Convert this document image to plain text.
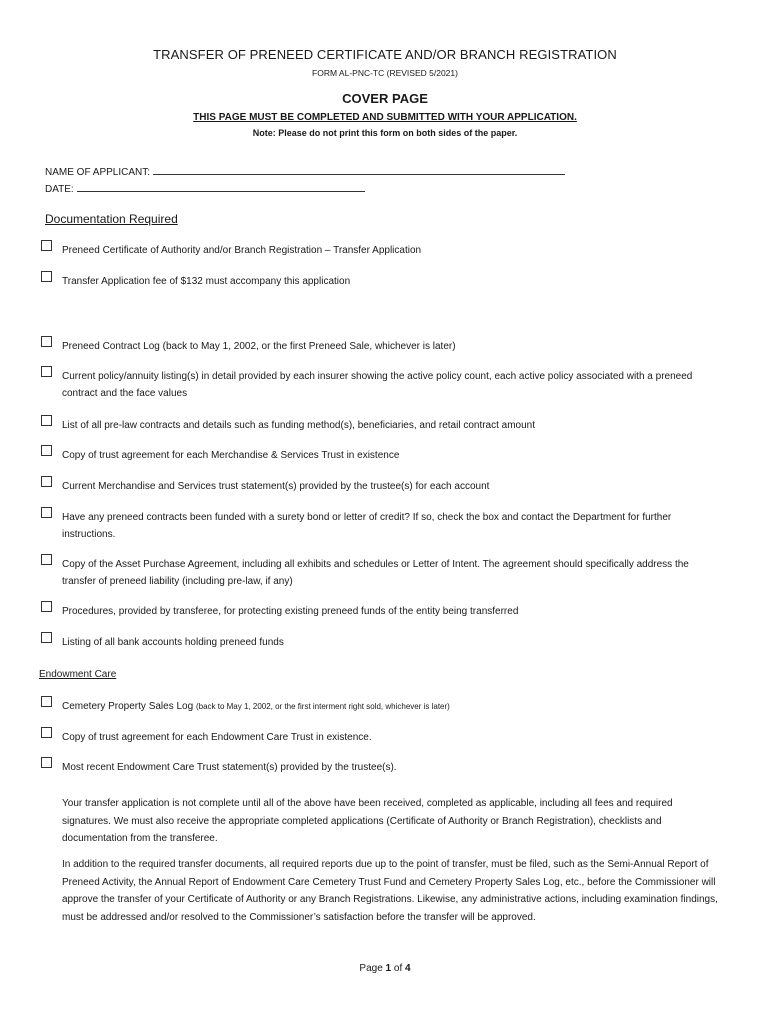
TRANSFER OF PRENEED CERTIFICATE AND/OR BRANCH REGISTRATION
FORM AL-PNC-TC (REVISED 5/2021)
COVER PAGE
THIS PAGE MUST BE COMPLETED AND SUBMITTED WITH YOUR APPLICATION.
Note: Please do not print this form on both sides of the paper.
NAME OF APPLICANT:
DATE:
Documentation Required
Preneed Certificate of Authority and/or Branch Registration – Transfer Application
Transfer Application fee of $132 must accompany this application
Preneed Contract Log (back to May 1, 2002, or the first Preneed Sale, whichever is later)
Current policy/annuity listing(s) in detail provided by each insurer showing the active policy count, each active policy associated with a preneed contract and the face values
List of all pre-law contracts and details such as funding method(s), beneficiaries, and retail contract amount
Copy of trust agreement for each Merchandise & Services Trust in existence
Current Merchandise and Services trust statement(s) provided by the trustee(s) for each account
Have any preneed contracts been funded with a surety bond or letter of credit? If so, check the box and contact the Department for further instructions.
Copy of the Asset Purchase Agreement, including all exhibits and schedules or Letter of Intent. The agreement should specifically address the transfer of preneed liability (including pre-law, if any)
Procedures, provided by transferee, for protecting existing preneed funds of the entity being transferred
Listing of all bank accounts holding preneed funds
Endowment Care
Cemetery Property Sales Log (back to May 1, 2002, or the first interment right sold, whichever is later)
Copy of trust agreement for each Endowment Care Trust in existence.
Most recent Endowment Care Trust statement(s) provided by the trustee(s).
Your transfer application is not complete until all of the above have been received, completed as applicable, including all fees and required signatures. We must also receive the appropriate completed applications (Certificate of Authority or Branch Registration), checklists and documentation from the transferee.
In addition to the required transfer documents, all required reports due up to the point of transfer, must be filed, such as the Semi-Annual Report of Preneed Activity, the Annual Report of Endowment Care Cemetery Trust Fund and Cemetery Property Sales Log, etc., before the Commissioner will approve the transfer of your Certificate of Authority or any Branch Registrations. Likewise, any administrative actions, including examination findings, must be addressed and/or resolved to the Commissioner’s satisfaction before the transfer will be approved.
Page 1 of 4
